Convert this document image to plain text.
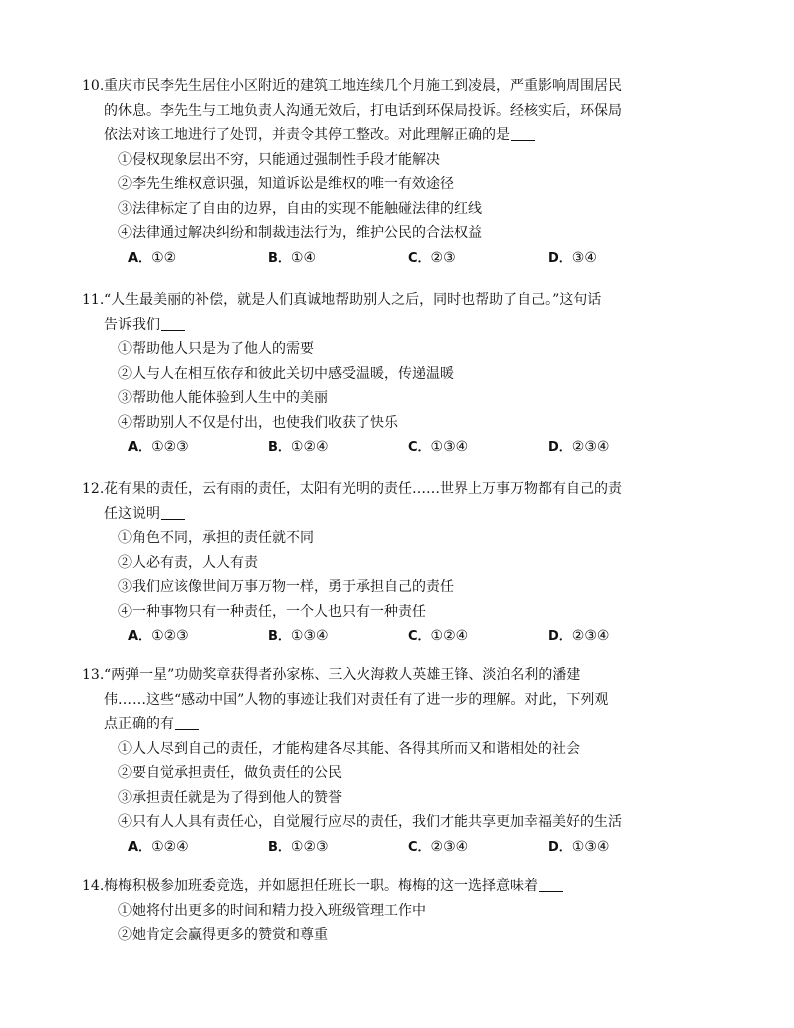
10.重庆市民李先生居住小区附近的建筑工地连续几个月施工到凌晨，严重影响周围居民
的休息。李先生与工地负责人沟通无效后，打电话到环保局投诉。经核实后，环保局
依法对该工地进行了处罚，并责令其停工整改。对此理解正确的是
①侵权现象层出不穷，只能通过强制性手段才能解决
②李先生维权意识强，知道诉讼是维权的唯一有效途径
③法律标定了自由的边界，自由的实现不能触碰法律的红线
④法律通过解决纠纷和制裁违法行为，维护公民的合法权益
A．①②	B．①④	C．②③	D．③④
11.“人生最美丽的补偿，就是人们真诚地帮助别人之后，同时也帮助了自己。”这句话
告诉我们
①帮助他人只是为了他人的需要
②人与人在相互依存和彼此关切中感受温暖，传递温暖
③帮助他人能体验到人生中的美丽
④帮助别人不仅是付出，也使我们收获了快乐
A．①②③	B．①②④	C．①③④	D．②③④
12.花有果的责任，云有雨的责任，太阳有光明的责任……世界上万事万物都有自己的责
任这说明
①角色不同，承担的责任就不同
②人必有责，人人有责
③我们应该像世间万事万物一样，勇于承担自己的责任
④一种事物只有一种责任，一个人也只有一种责任
A．①②③	B．①③④	C．①②④	D．②③④
13.“两弹一星”功勋奖章获得者孙家栋、三入火海救人英雄王锋、淡泊名利的潘建
伟……这些“感动中国”人物的事迹让我们对责任有了进一步的理解。对此，下列观
点正确的有
①人人尽到自己的责任，才能构建各尽其能、各得其所而又和谐相处的社会
②要自觉承担责任，做负责任的公民
③承担责任就是为了得到他人的赞誉
④只有人人具有责任心，自觉履行应尽的责任，我们才能共享更加幸福美好的生活
A．①②④	B．①②③	C．②③④	D．①③④
14.梅梅积极参加班委竞选，并如愿担任班长一职。梅梅的这一选择意味着
①她将付出更多的时间和精力投入班级管理工作中
②她肯定会赢得更多的赞赏和尊重
